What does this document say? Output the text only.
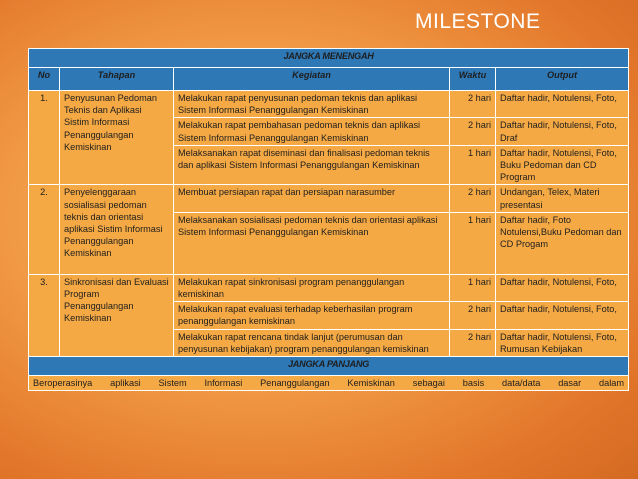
MILESTONE
JANGKA MENENGAH				
No	Tahapan	Kegiatan	Waktu	Output
1.	Penyusunan Pedoman Teknis dan Aplikasi Sistim Informasi Penanggulangan Kemiskinan	Melakukan rapat penyusunan pedoman teknis dan aplikasi Sistem Informasi Penanggulangan Kemiskinan	2 hari	Daftar hadir, Notulensi, Foto,
		Melakukan rapat pembahasan pedoman teknis dan aplikasi Sistem Informasi Penanggulangan Kemiskinan	2 hari	Daftar hadir, Notulensi, Foto, Draf
		Melaksanakan rapat diseminasi dan finalisasi pedoman teknis dan aplikasi Sistem Informasi Penanggulangan Kemiskinan	1 hari	Daftar hadir, Notulensi, Foto, Buku Pedoman dan CD Program
2.	Penyelenggaraan sosialisasi pedoman teknis dan orientasi aplikasi Sistim Informasi Penanggulangan Kemiskinan	Membuat persiapan rapat dan persiapan narasumber	2 hari	Undangan, Telex, Materi presentasi
		Melaksanakan sosialisasi pedoman teknis dan orientasi aplikasi Sistem Informasi Penanggulangan Kemiskinan	1 hari	Daftar hadir, Foto Notulensi,Buku Pedoman dan CD Progam
3.	Sinkronisasi dan Evaluasi Program Penanggulangan Kemiskinan	Melakukan rapat sinkronisasi program penanggulangan kemiskinan	1 hari	Daftar hadir, Notulensi, Foto,
		Melakukan rapat evaluasi terhadap keberhasilan program penanggulangan kemiskinan	2 hari	Daftar hadir, Notulensi, Foto,
		Melakukan rapat rencana tindak lanjut (perumusan dan penyusunan kebijakan) program penanggulangan kemiskinan	2 hari	Daftar hadir, Notulensi, Foto, Rumusan Kebijakan
JANGKA PANJANG				
Beroperasinya aplikasi Sistem Informasi Penanggulangan Kemiskinan sebagai basis data/data dasar dalam				
